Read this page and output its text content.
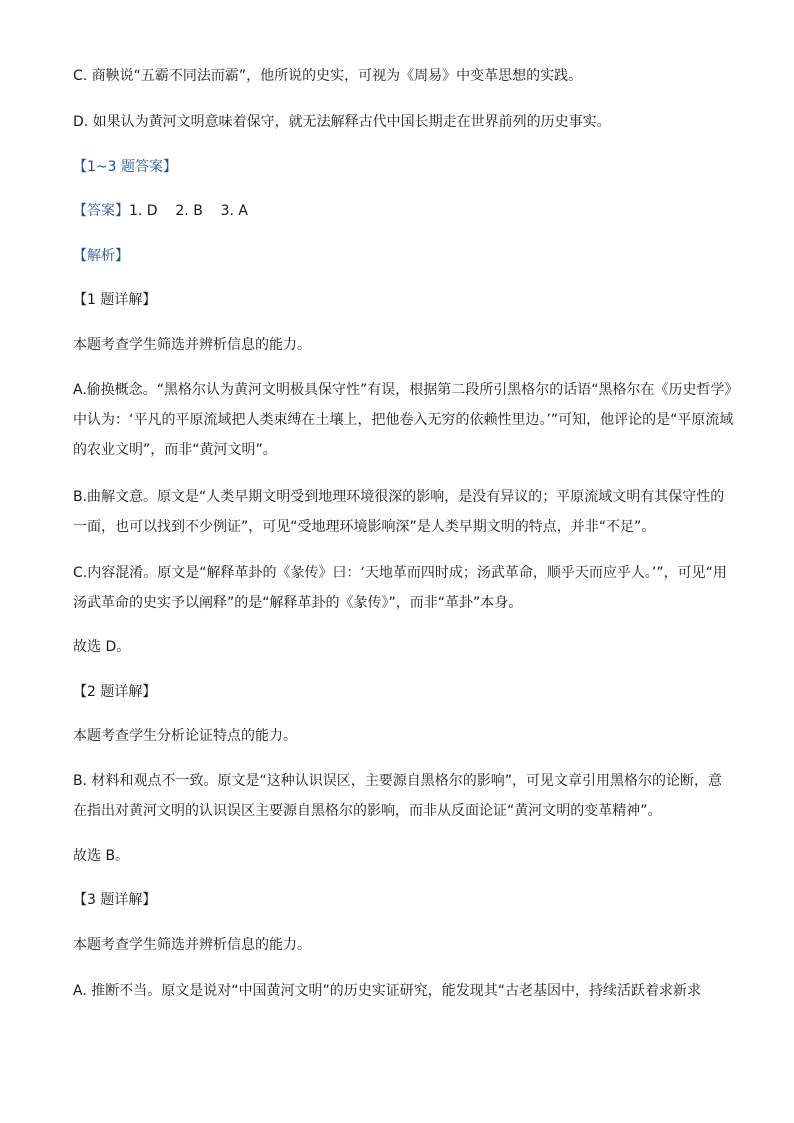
C. 商鞅说“五霸不同法而霸”，他所说的史实，可视为《周易》中变革思想的实践。
D. 如果认为黄河文明意味着保守，就无法解释古代中国长期走在世界前列的历史事实。
【1~3 题答案】
【答案】1. D    2. B    3. A
【解析】
【1 题详解】
本题考查学生筛选并辨析信息的能力。
A.偷换概念。“黑格尔认为黄河文明极具保守性”有误，根据第二段所引黑格尔的话语“黑格尔在《历史哲学》中认为：‘平凡的平原流域把人类束缚在土壤上，把他卷入无穷的依赖性里边。’”可知，他评论的是“平原流域的农业文明”，而非“黄河文明”。
B.曲解文意。原文是“人类早期文明受到地理环境很深的影响，是没有异议的；平原流域文明有其保守性的一面，也可以找到不少例证”，可见“受地理环境影响深”是人类早期文明的特点，并非“不足”。
C.内容混淆。原文是“解释革卦的《彖传》曰：‘天地革而四时成；汤武革命，顺乎天而应乎人。’”，可见“用汤武革命的史实予以阐释”的是“解释革卦的《彖传》”，而非“革卦”本身。
故选 D。
【2 题详解】
本题考查学生分析论证特点的能力。
B. 材料和观点不一致。原文是“这种认识误区，主要源自黑格尔的影响”，可见文章引用黑格尔的论断，意在指出对黄河文明的认识误区主要源自黑格尔的影响，而非从反面论证“黄河文明的变革精神”。
故选 B。
【3 题详解】
本题考查学生筛选并辨析信息的能力。
A. 推断不当。原文是说对“中国黄河文明”的历史实证研究，能发现其“古老基因中，持续活跃着求新求
